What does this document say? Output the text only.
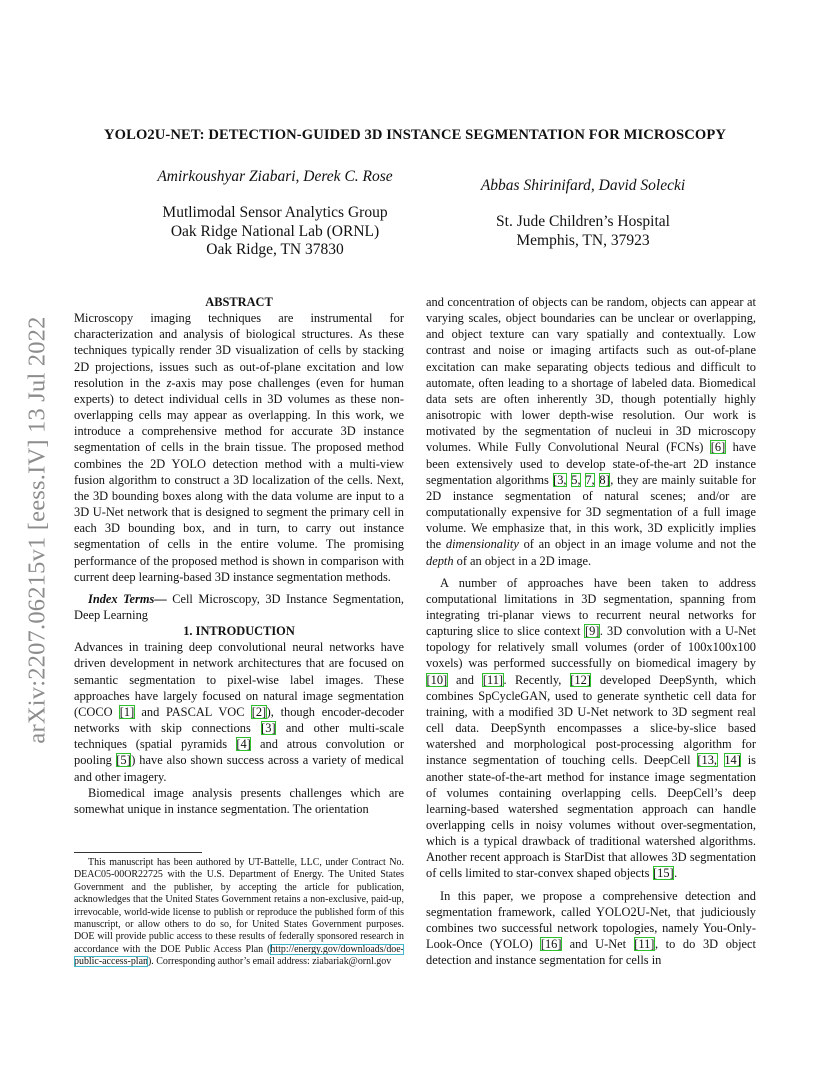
arXiv:2207.06215v1 [eess.IV] 13 Jul 2022
YOLO2U-NET: DETECTION-GUIDED 3D INSTANCE SEGMENTATION FOR MICROSCOPY
Amirkoushyar Ziabari, Derek C. Rose
Mutlimodal Sensor Analytics Group
Oak Ridge National Lab (ORNL)
Oak Ridge, TN 37830
Abbas Shirinifard, David Solecki
St. Jude Children’s Hospital
Memphis, TN, 37923

ABSTRACT

Microscopy imaging techniques are instrumental for characterization and analysis of biological structures. As these techniques typically render 3D visualization of cells by stacking 2D projections, issues such as out-of-plane excitation and low resolution in the z-axis may pose challenges (even for human experts) to detect individual cells in 3D volumes as these non-overlapping cells may appear as overlapping. In this work, we introduce a comprehensive method for accurate 3D instance segmentation of cells in the brain tissue. The proposed method combines the 2D YOLO detection method with a multi-view fusion algorithm to construct a 3D localization of the cells. Next, the 3D bounding boxes along with the data volume are input to a 3D U-Net network that is designed to segment the primary cell in each 3D bounding box, and in turn, to carry out instance segmentation of cells in the entire volume. The promising performance of the proposed method is shown in comparison with current deep learning-based 3D instance segmentation methods.

Index Terms— Cell Microscopy, 3D Instance Segmentation, Deep Learning

1. INTRODUCTION

Advances in training deep convolutional neural networks have driven development in network architectures that are focused on semantic segmentation to pixel-wise label images. These approaches have largely focused on natural image segmentation (COCO [1] and PASCAL VOC [2]), though encoder-decoder networks with skip connections [3] and other multi-scale techniques (spatial pyramids [4] and atrous convolution or pooling [5]) have also shown success across a variety of medical and other imagery.

Biomedical image analysis presents challenges which are somewhat unique in instance segmentation. The orientation

This manuscript has been authored by UT-Battelle, LLC, under Contract No. DEAC05-00OR22725 with the U.S. Department of Energy. The United States Government and the publisher, by accepting the article for publication, acknowledges that the United States Government retains a non-exclusive, paid-up, irrevocable, world-wide license to publish or reproduce the published form of this manuscript, or allow others to do so, for United States Government purposes. DOE will provide public access to these results of federally sponsored research in accordance with the DOE Public Access Plan (http://energy.gov/downloads/doe-public-access-plan). Corresponding author’s email address: ziabariak@ornl.gov

and concentration of objects can be random, objects can appear at varying scales, object boundaries can be unclear or overlapping, and object texture can vary spatially and contextually. Low contrast and noise or imaging artifacts such as out-of-plane excitation can make separating objects tedious and difficult to automate, often leading to a shortage of labeled data. Biomedical data sets are often inherently 3D, though potentially highly anisotropic with lower depth-wise resolution. Our work is motivated by the segmentation of nucleui in 3D microscopy volumes. While Fully Convolutional Neural (FCNs) [6] have been extensively used to develop state-of-the-art 2D instance segmentation algorithms [3, 5, 7, 8], they are mainly suitable for 2D instance segmentation of natural scenes; and/or are computationally expensive for 3D segmentation of a full image volume. We emphasize that, in this work, 3D explicitly implies the dimensionality of an object in an image volume and not the depth of an object in a 2D image.

A number of approaches have been taken to address computational limitations in 3D segmentation, spanning from integrating tri-planar views to recurrent neural networks for capturing slice to slice context [9]. 3D convolution with a U-Net topology for relatively small volumes (order of 100x100x100 voxels) was performed successfully on biomedical imagery by [10] and [11]. Recently, [12] developed DeepSynth, which combines SpCycleGAN, used to generate synthetic cell data for training, with a modified 3D U-Net network to 3D segment real cell data. DeepSynth encompasses a slice-by-slice based watershed and morphological post-processing algorithm for instance segmentation of touching cells. DeepCell [13, 14] is another state-of-the-art method for instance image segmentation of volumes containing overlapping cells. DeepCell’s deep learning-based watershed segmentation approach can handle overlapping cells in noisy volumes without over-segmentation, which is a typical drawback of traditional watershed algorithms. Another recent approach is StarDist that allowes 3D segmentation of cells limited to star-convex shaped objects [15].

In this paper, we propose a comprehensive detection and segmentation framework, called YOLO2U-Net, that judiciously combines two successful network topologies, namely You-Only-Look-Once (YOLO) [16] and U-Net [11], to do 3D object detection and instance segmentation for cells in
